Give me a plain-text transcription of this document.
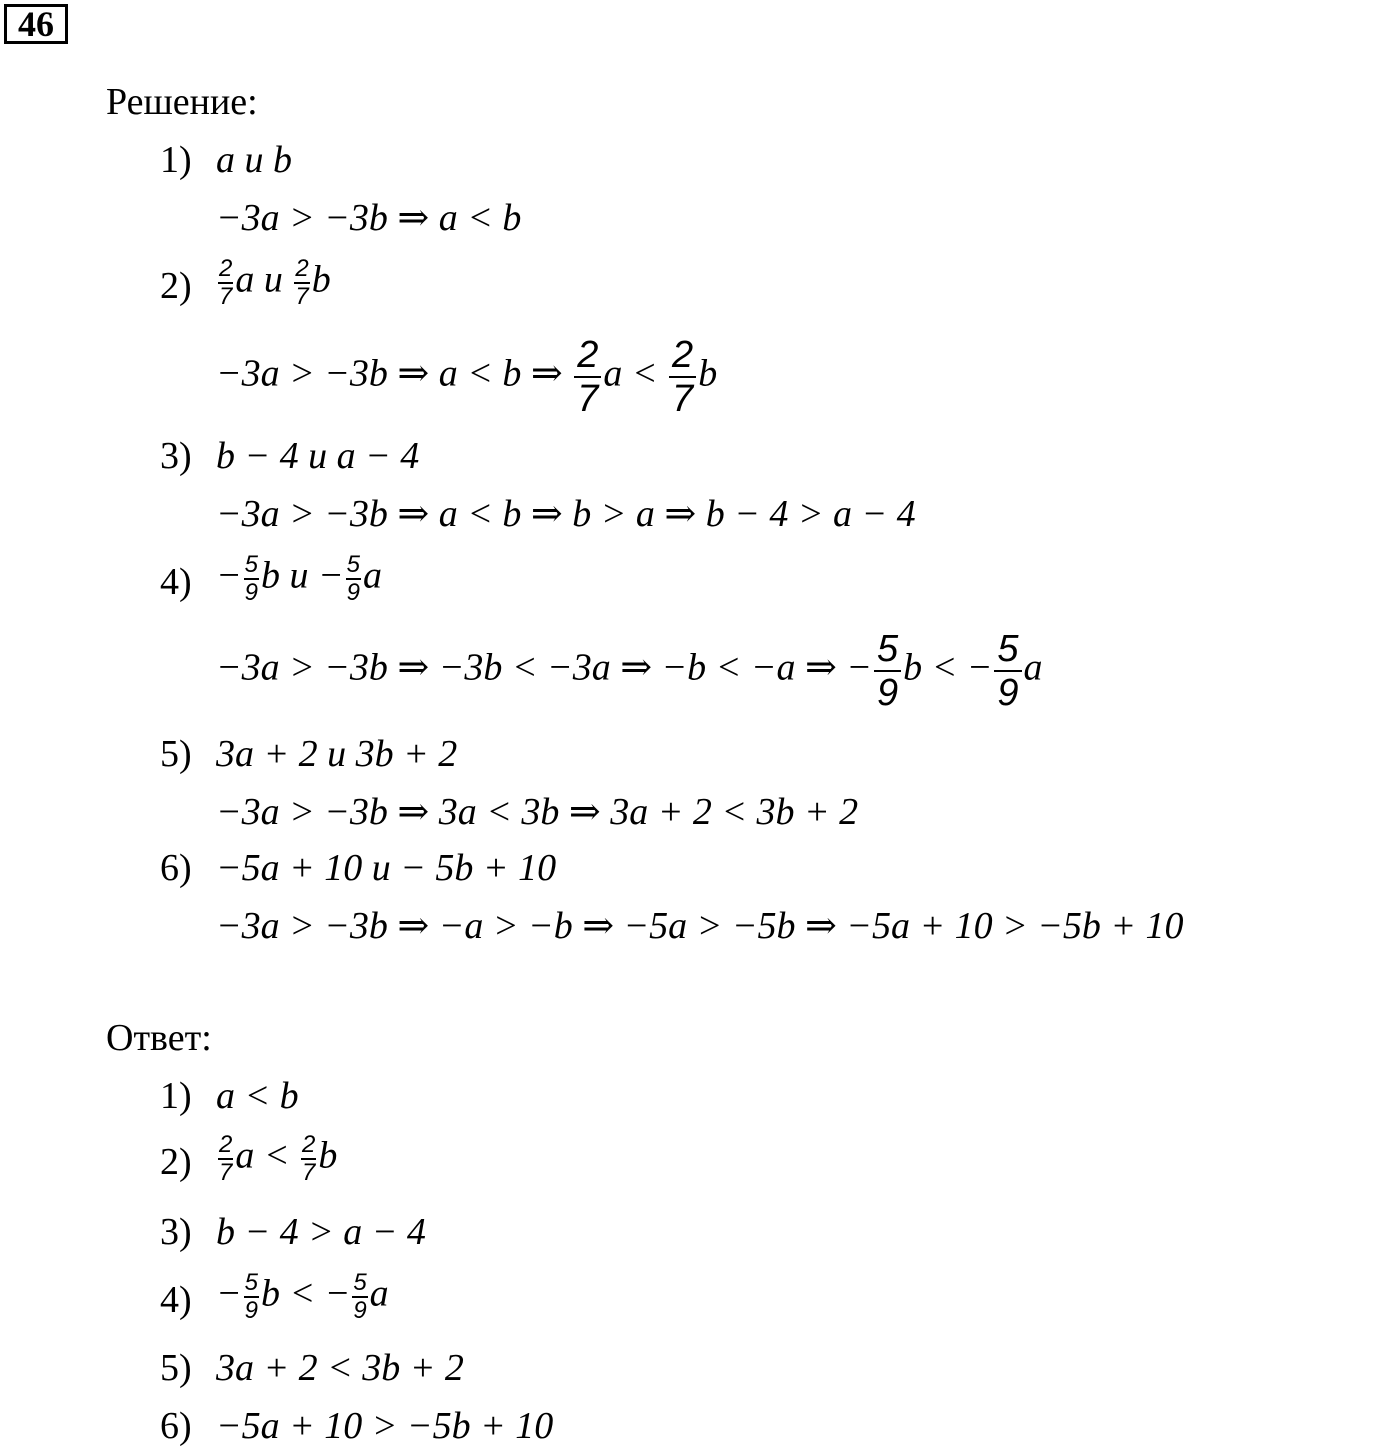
46
Решение:
1) a и b
−3a > −3b ⇒ a < b
$2) \frac{2}{7}$ a и $\frac{2}{7}$ b
−3a > −3b ⇒ a < b ⇒ $\frac{2}{7}$ $a < \frac{2}{7}$ b
3) b − 4 и a − 4
−3a > −3b ⇒ a < b ⇒ b > a ⇒ b − 4 > a − 4
$4) - \frac{5}{9}$ b $и - \frac{5}{9}$ a
−3a > −3b ⇒ −3b < −3a ⇒ −b < −a ⇒ − $\frac{5}{9}$ b < − $\frac{5}{9}$ a
5) 3a + 2 и 3b + 2
−3a > −3b ⇒ 3a < 3b ⇒ 3a + 2 < 3b + 2
6) −5a + 10 и − 5b + 10
−3a > −3b ⇒ −a > −b ⇒ −5a > −5b ⇒ −5a + 10 > −5b + 10
Ответ:
1) a < b
$2) \frac{2}{7}$ $a < \frac{2}{7}$ b
3) b − 4 > a − 4
$4) - \frac{5}{9}$ b < − $\frac{5}{9}$ a
5) 3a + 2 < 3b + 2
6) −5a + 10 > −5b + 10
